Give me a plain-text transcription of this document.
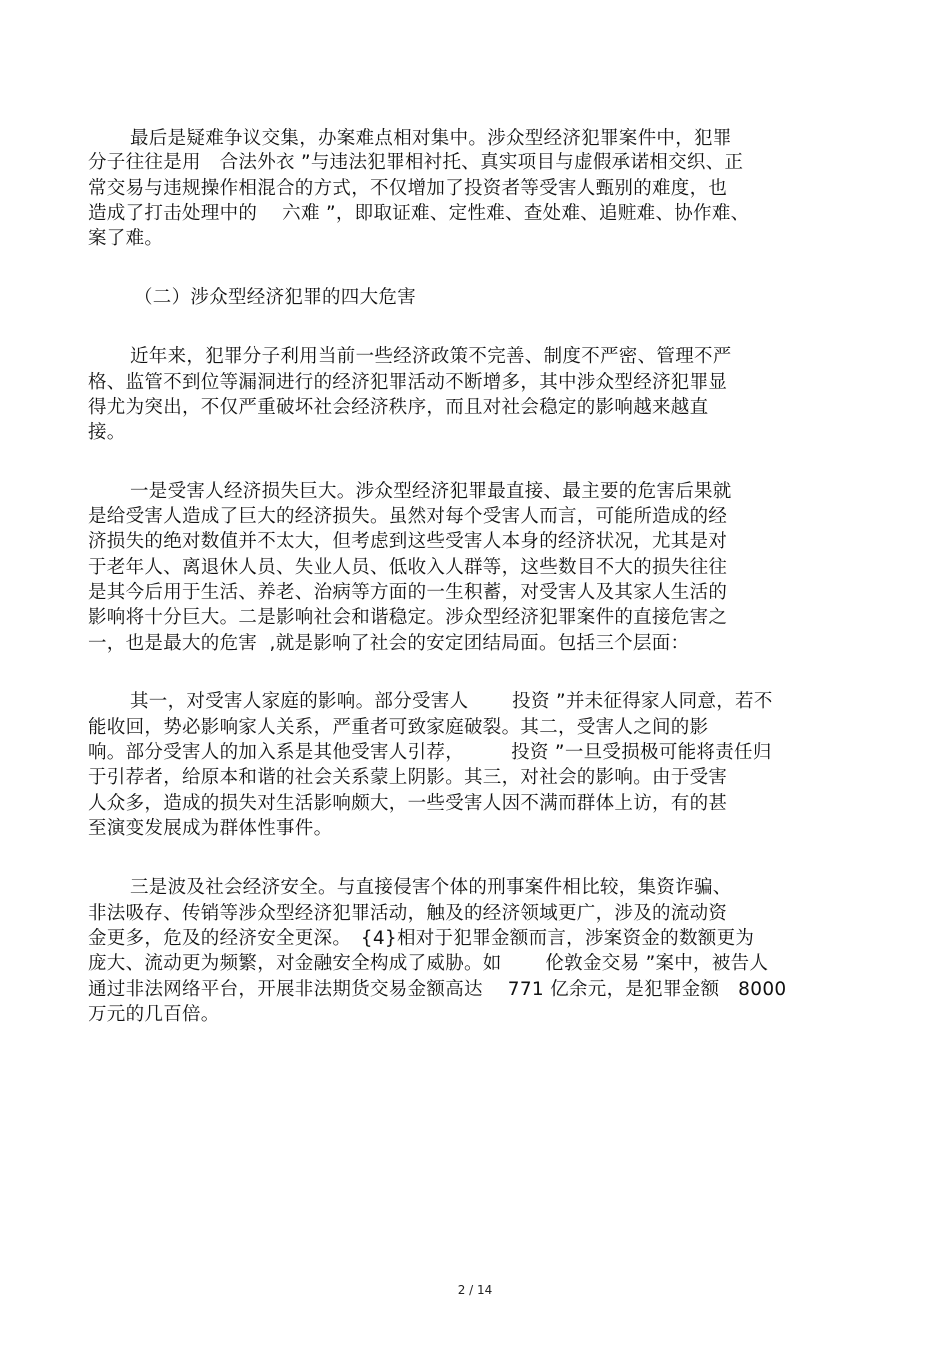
最后是疑难争议交集，办案难点相对集中。涉众型经济犯罪案件中，犯罪
分子往往是用　合法外衣 ”与违法犯罪相衬托、真实项目与虚假承诺相交织、正
常交易与违规操作相混合的方式，不仅增加了投资者等受害人甄别的难度，也
造成了打击处理中的　 六难 ”，即取证难、定性难、查处难、追赃难、协作难、
案了难。
（二）涉众型经济犯罪的四大危害
近年来，犯罪分子利用当前一些经济政策不完善、制度不严密、管理不严
格、监管不到位等漏洞进行的经济犯罪活动不断增多，其中涉众型经济犯罪显
得尤为突出，不仅严重破坏社会经济秩序，而且对社会稳定的影响越来越直
接。
一是受害人经济损失巨大。涉众型经济犯罪最直接、最主要的危害后果就
是给受害人造成了巨大的经济损失。虽然对每个受害人而言，可能所造成的经
济损失的绝对数值并不太大，但考虑到这些受害人本身的经济状况，尤其是对
于老年人、离退休人员、失业人员、低收入人群等，这些数目不大的损失往往
是其今后用于生活、养老、治病等方面的一生积蓄，对受害人及其家人生活的
影响将十分巨大。二是影响社会和谐稳定。涉众型经济犯罪案件的直接危害之
一，也是最大的危害  ,就是影响了社会的安定团结局面。包括三个层面：
其一，对受害人家庭的影响。部分受害人　　 投资 ”并未征得家人同意，若不
能收回，势必影响家人关系，严重者可致家庭破裂。其二，受害人之间的影
响。部分受害人的加入系是其他受害人引荐，　　　投资 ”一旦受损极可能将责任归
于引荐者，给原本和谐的社会关系蒙上阴影。其三，对社会的影响。由于受害
人众多，造成的损失对生活影响颇大，一些受害人因不满而群体上访，有的甚
至演变发展成为群体性事件。
三是波及社会经济安全。与直接侵害个体的刑事案件相比较，集资诈骗、
非法吸存、传销等涉众型经济犯罪活动，触及的经济领域更广，涉及的流动资
金更多，危及的经济安全更深。　{4}相对于犯罪金额而言，涉案资金的数额更为
庞大、流动更为频繁，对金融安全构成了威胁。如　　 伦敦金交易 ”案中，被告人
通过非法网络平台，开展非法期货交易金额高达　 771 亿余元，是犯罪金额　8000
万元的几百倍。
2 / 14
